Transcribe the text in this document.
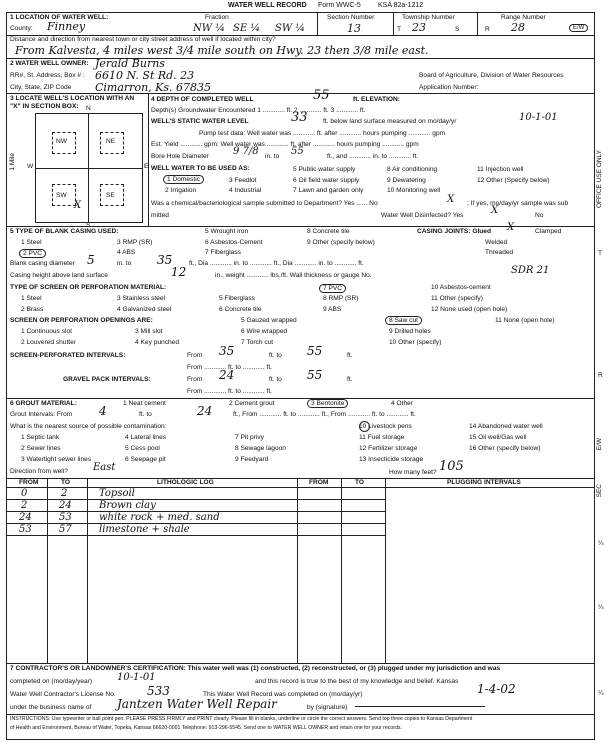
WATER WELL RECORD Form WWC-5 KSA 82a-1212
1 LOCATION OF WATER WELL:
County: Finney
Fraction
NW ¼ SE ¼ SW ¼
Section Number
13
Township Number
T 23	S
Range Number
R 28	E/W
Distance and direction from nearest town or city street address of well if located within city?
From Kalvesta, 4 miles west 3/4 mile south on Hwy. 23 then 3/8 mile east.
2 WATER WELL OWNER: Jerald Burns
RR#, St. Address, Box # : 6610 N. St Rd. 23
City, State, ZIP Code Cimarron, Ks. 67835
Board of Agriculture, Division of Water Resources
Application Number:
3 LOCATE WELL'S LOCATION WITH AN "X" IN SECTION BOX:
NW	NE
SW	SE
X
N
S
W	E
1 Mile
4 DEPTH OF COMPLETED WELL	55	ft. ELEVATION:
Depth(s) Groundwater Encountered 1 ............ ft. 2 ............ ft. 3 ............ ft.
WELL'S STATIC WATER LEVEL	33 ft. below land surface measured on mo/day/yr	10-1-01
Pump test data: Well water was ............ ft. after ............ hours pumping ............ gpm
Est. Yield ............ gpm: Well water was ............ ft. after ............ hours pumping ............ gpm
Bore Hole Diameter 9 7/8 in. to 55	ft., and ............ in. to ............ ft.
WELL WATER TO BE USED AS:
1 Domestic
2 Irrigation
3 Feedlot
4 Industrial
5 Public water supply
6 Oil field water supply
7 Lawn and garden only
8 Air conditioning
9 Dewatering
10 Monitoring well
11 Injection well
12 Other (Specify below)
Was a chemical/bacteriological sample submitted to Department? Yes ...... No	X ; If yes, mo/day/yr sample was sub
mitted	Water Well Disinfected? Yes	X	No
5 TYPE OF BLANK CASING USED:
1 Steel
2 PVC
3 RMP (SR)
4 ABS
5 Wrought iron
6 Asbestos-Cement
7 Fiberglass
8 Concrete tile
9 Other (specify below)
CASING JOINTS: Glued X	Clamped
Welded
Threaded
Blank casing diameter 5	in. to 35	ft., Dia ............ in. to ............ ft., Dia ............ in. to ............ ft.
Casing height above land surface	12	in., weight ............ lbs./ft. Wall thickness or gauge No.	SDR 21
TYPE OF SCREEN OR PERFORATION MATERIAL:
1 Steel
2 Brass
3 Stainless steel
4 Galvanized steel
5 Fiberglass
6 Concrete tile
7 PVC
8 RMP (SR)
9 ABS
10 Asbestos-cement
11 Other (specify)
12 None used (open hole)
SCREEN OR PERFORATION OPENINGS ARE:
1 Continuous slot
2 Louvered shutter
3 Mill slot
4 Key punched
5 Gauzed wrapped
6 Wire wrapped
7 Torch cut
8 Saw cut
9 Drilled holes
10 Other (specify)
11 None (open hole)
SCREEN-PERFORATED INTERVALS:	From 35	ft. to 55	ft.
From ............ ft. to ............ ft.
GRAVEL PACK INTERVALS:	From 24	ft. to 55	ft.
From ............ ft. to ............ ft.
6 GROUT MATERIAL:	1 Neat cement	2 Cement grout	3 Bentonite	4 Other
Grout Intervals: From 4	ft. to	24	ft., From ............ ft. to ............ ft., From ............ ft. to ............ ft.
What is the nearest source of possible contamination:
1 Septic tank
2 Sewer lines
3 Watertight sewer lines
4 Lateral lines
5 Cess pool
6 Seepage pit
7 Pit privy
8 Sewage lagoon
9 Feedyard
10 Livestock pens
11 Fuel storage
12 Fertilizer storage
13 Insecticide storage
14 Abandoned water well
15 Oil well/Gas well
16 Other (specify below)
Direction from well?	East	How many feet? 105
FROM	TO	LITHOLOGIC LOG	FROM	TO	PLUGGING INTERVALS
0	2	Topsoil
2	24	Brown clay
24	53	white rock + med. sand
53	57	limestone + shale
7 CONTRACTOR'S OR LANDOWNER'S CERTIFICATION: This water well was (1) constructed, (2) reconstructed, or (3) plugged under my jurisdiction and was
completed on (mo/day/year) 10-1-01	and this record is true to the best of my knowledge and belief. Kansas
Water Well Contractor's License No.	533	This Water Well Record was completed on (mo/day/yr)	1-4-02
under the business name of Jantzen Water Well Repair	by (signature)
INSTRUCTIONS: Use typewriter or ball point pen. PLEASE PRESS FIRMLY and PRINT clearly. Please fill in blanks, underline or circle the correct answers. Send top three copies to Kansas Department
of Health and Environment, Bureau of Water, Topeka, Kansas 66620-0001 Telephone: 913-296-5545. Send one to WATER WELL OWNER and retain one for your records.
OFFICE USE ONLY
T
R
E/W
SEC
¼
¼
¼
